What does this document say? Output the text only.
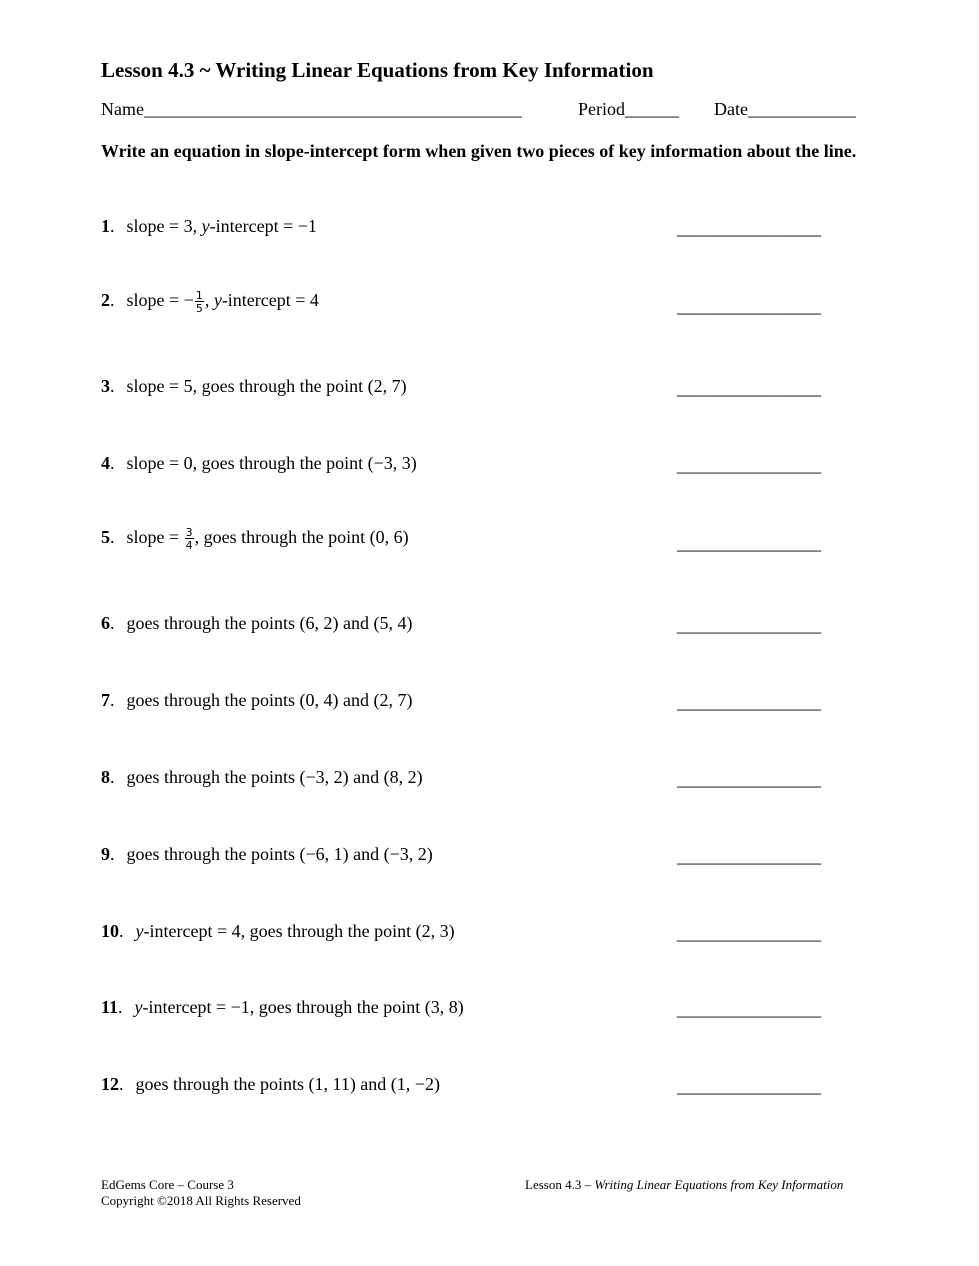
Lesson 4.3 ~ Writing Linear Equations from Key Information
Name__________________________________________	Period______ Date____________
Write an equation in slope-intercept form when given two pieces of key information about the line.
1. slope = 3, y-intercept = −1	________________
2. slope = − $\frac{1}{5}$ , y-intercept = 4	________________
3. slope = 5, goes through the point (2, 7)	________________
4. slope = 0, goes through the point (−3, 3)	________________
5. slope = $\frac{3}{4}$ , goes through the point (0, 6)	________________
6. goes through the points (6, 2) and (5, 4)	________________
7. goes through the points (0, 4) and (2, 7)	________________
8. goes through the points (−3, 2) and (8, 2)	________________
9. goes through the points (−6, 1) and (−3, 2)	________________
10. y-intercept = 4, goes through the point (2, 3)	________________
11. y-intercept = −1, goes through the point (3, 8)	________________
12. goes through the points (1, 11) and (1, −2)	________________
EdGems Core – Course 3
Copyright ©2018 All Rights Reserved
Lesson 4.3 – Writing Linear Equations from Key Information
